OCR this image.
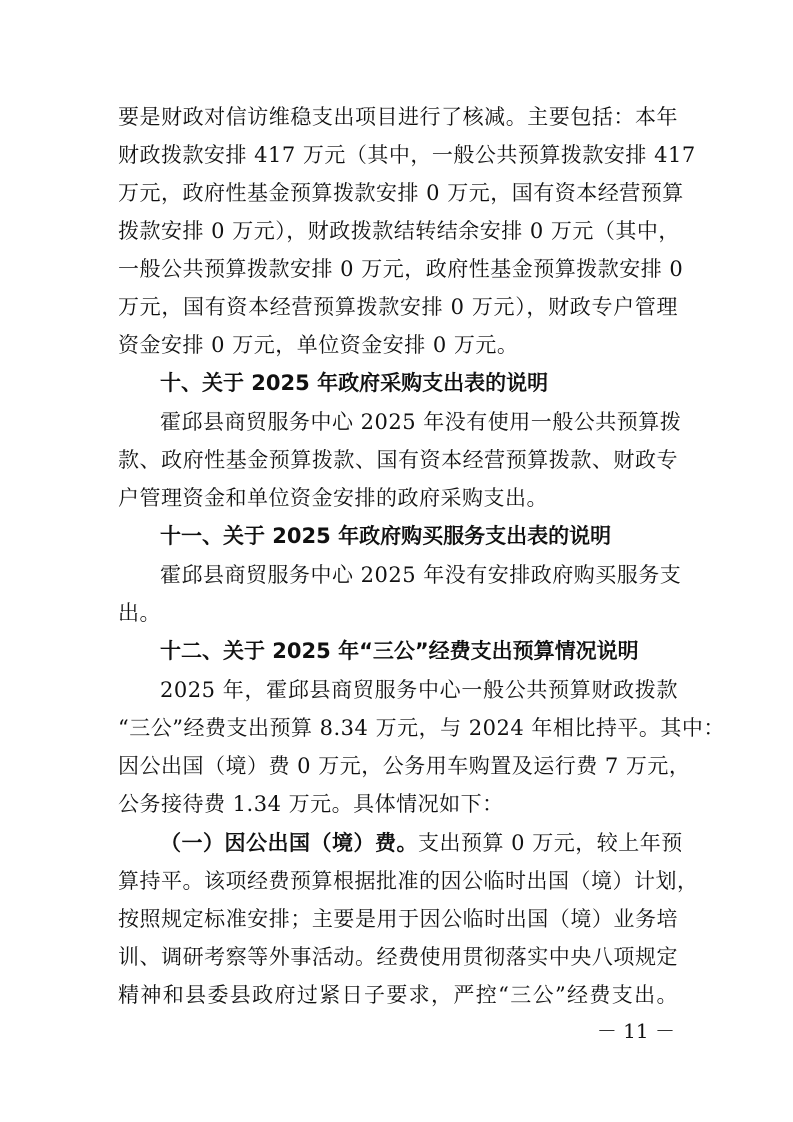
要是财政对信访维稳支出项目进行了核减。主要包括：本年
财政拨款安排 417 万元（其中，一般公共预算拨款安排 417
万元，政府性基金预算拨款安排 0 万元，国有资本经营预算
拨款安排 0 万元），财政拨款结转结余安排 0 万元（其中，
一般公共预算拨款安排 0 万元，政府性基金预算拨款安排 0
万元，国有资本经营预算拨款安排 0 万元），财政专户管理
资金安排 0 万元，单位资金安排 0 万元。
十、关于 2025 年政府采购支出表的说明
霍邱县商贸服务中心 2025 年没有使用一般公共预算拨
款、政府性基金预算拨款、国有资本经营预算拨款、财政专
户管理资金和单位资金安排的政府采购支出。
十一、关于 2025 年政府购买服务支出表的说明
霍邱县商贸服务中心 2025 年没有安排政府购买服务支
出。
十二、关于 2025 年“三公”经费支出预算情况说明
2025 年，霍邱县商贸服务中心一般公共预算财政拨款
“三公”经费支出预算 8.34 万元，与 2024 年相比持平。其中：
因公出国（境）费 0 万元，公务用车购置及运行费 7 万元，
公务接待费 1.34 万元。具体情况如下：
（一）因公出国（境）费。支出预算 0 万元，较上年预
算持平。该项经费预算根据批准的因公临时出国（境）计划，
按照规定标准安排；主要是用于因公临时出国（境）业务培
训、调研考察等外事活动。经费使用贯彻落实中央八项规定
精神和县委县政府过紧日子要求，严控“三公”经费支出。
－ 11 －
